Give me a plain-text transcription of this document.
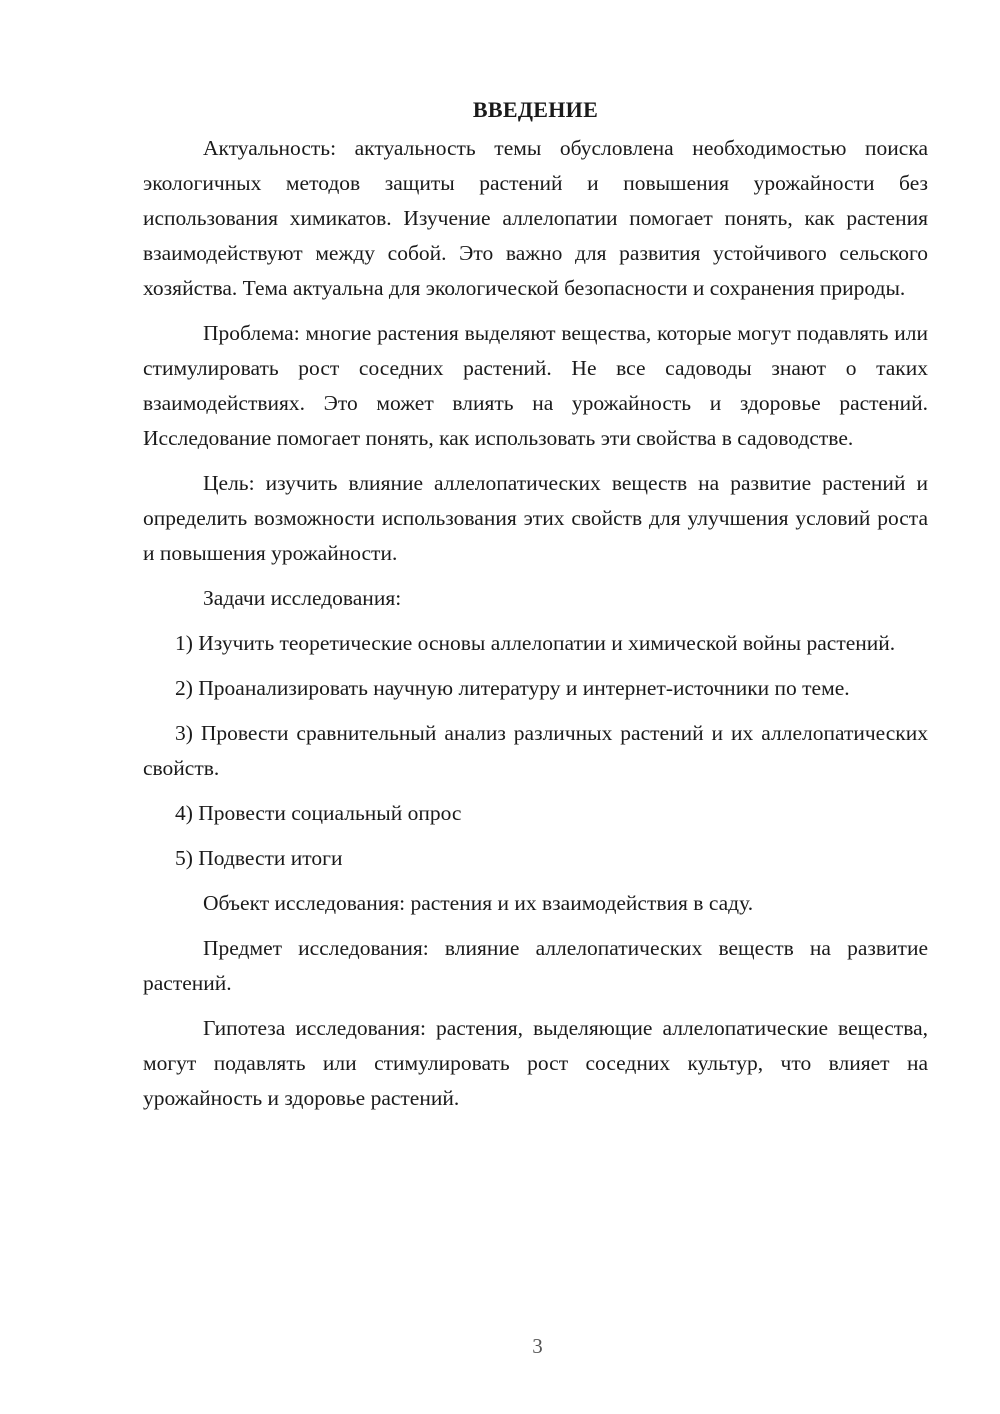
ВВЕДЕНИЕ

Актуальность: актуальность темы обусловлена необходимостью поиска экологичных методов защиты растений и повышения урожайности без использования химикатов. Изучение аллелопатии помогает понять, как растения взаимодействуют между собой. Это важно для развития устойчивого сельского хозяйства. Тема актуальна для экологической безопасности и сохранения природы.

Проблема: многие растения выделяют вещества, которые могут подавлять или стимулировать рост соседних растений. Не все садоводы знают о таких взаимодействиях. Это может влиять на урожайность и здоровье растений. Исследование помогает понять, как использовать эти свойства в садоводстве.

Цель: изучить влияние аллелопатических веществ на развитие растений и определить возможности использования этих свойств для улучшения условий роста и повышения урожайности.

Задачи исследования:

1) Изучить теоретические основы аллелопатии и химической войны растений.

2) Проанализировать научную литературу и интернет-источники по теме.

3) Провести сравнительный анализ различных растений и их аллелопатических свойств.

4) Провести социальный опрос

5) Подвести итоги

Объект исследования: растения и их взаимодействия в саду.

Предмет исследования: влияние аллелопатических веществ на развитие растений.

Гипотеза исследования: растения, выделяющие аллелопатические вещества, могут подавлять или стимулировать рост соседних культур, что влияет на урожайность и здоровье растений.

3
